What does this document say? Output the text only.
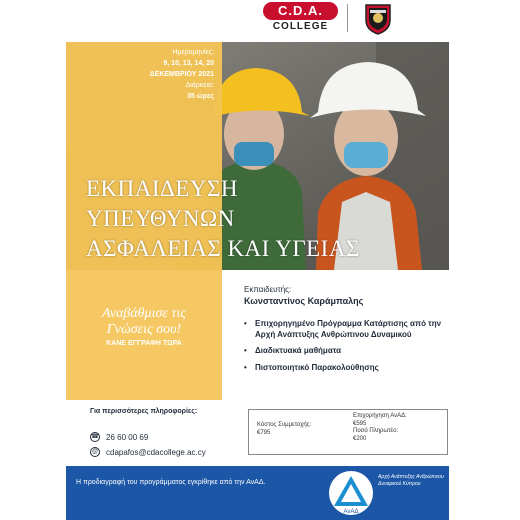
C.D.A.
COLLEGE
Ημερομηνίες:
9, 10, 13, 14, 20
ΔΕΚΕΜΒΡΙΟΥ 2021
Διάρκεια:
35 ώρες
ΕΚΠΑΙΔΕΥΣΗ
ΥΠΕΥΘΥΝΩΝ
ΑΣΦΑΛΕΙΑΣ ΚΑΙ ΥΓΕΙΑΣ
Αναβάθμισε τις
Γνώσεις σου!
ΚΑΝΕ ΕΓΓΡΑΦΗ ΤΩΡΑ
Εκπαιδευτής:
Κωνσταντίνος Καράμπαλης
• Επιχορηγημένο Πρόγραμμα Κατάρτισης από την Αρχή Ανάπτυξης Ανθρώπινου Δυναμικού
• Διαδικτυακά μαθήματα
• Πιστοποιητικό Παρακολούθησης
Κόστος Συμμετοχής:
€795
Επιχορήγηση ΑνΑΔ:
€595
Ποσό Πληρωτέο:
€200
Για περισσότερες πληροφορίες:
☎ 26 60 00 69
@ cdapafos@cdacollege.ac.cy
Η προδιαγραφή του προγράμματος εγκρίθηκε από την ΑνΑΔ.
ΑνΑΔ
Αρχή Ανάπτυξης Ανθρώπινου Δυναμικού Κύπρου
